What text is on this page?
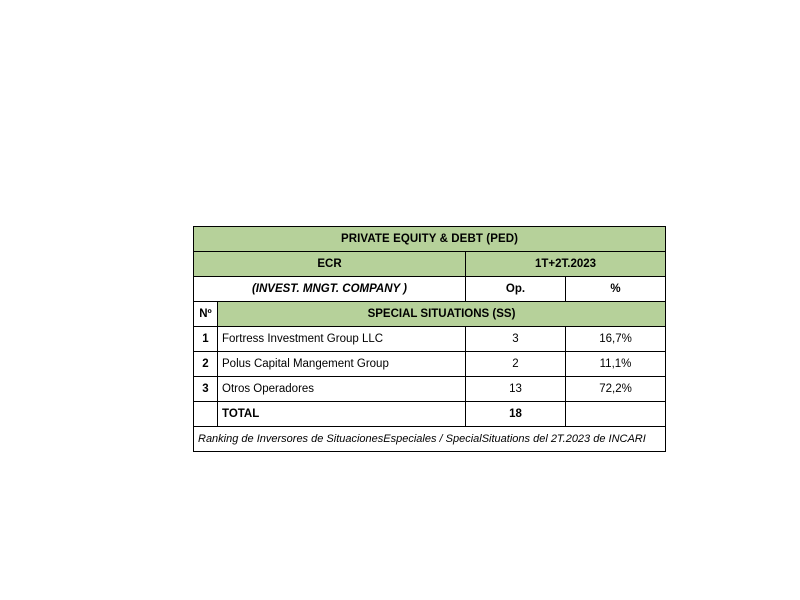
PRIVATE EQUITY & DEBT (PED)			
ECR		1T+2T.2023	
(INVEST. MNGT. COMPANY )		Op.	%
Nº	SPECIAL SITUATIONS (SS)		
1	Fortress Investment Group LLC	3	16,7%
2	Polus Capital Mangement Group	2	11,1%
3	Otros Operadores	13	72,2%
	TOTAL	18	
Ranking de Inversores de SituacionesEspeciales / SpecialSituations del 2T.2023 de INCARI			
